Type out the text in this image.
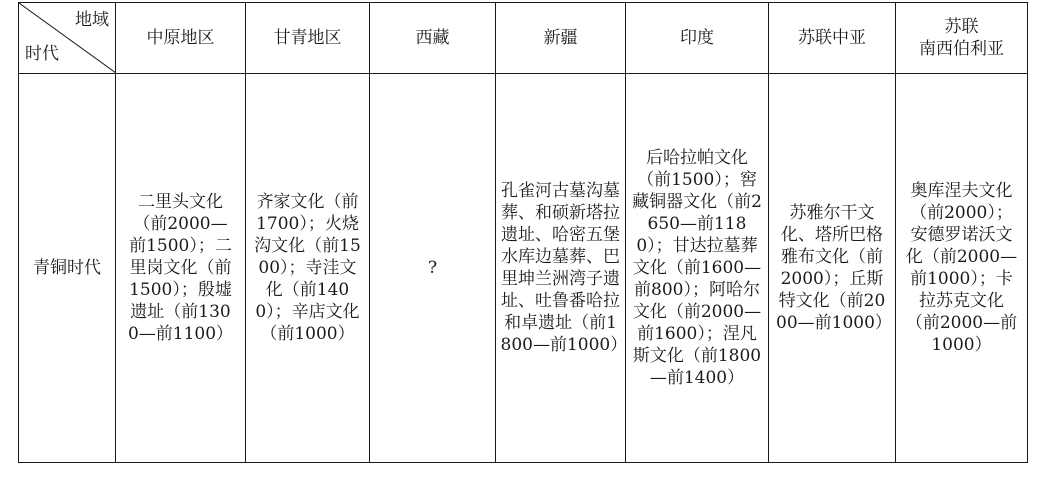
地域
时代	中原地区	甘青地区	西藏	新疆	印度	苏联中亚	苏联
南西伯利亚
青铜时代	二里头文化（前2000—前1500）；二里岗文化（前1500）；殷墟遗址（前1300—前1100）	齐家文化（前1700）；火烧沟文化（前1500）；寺洼文化（前1400）；辛店文化（前1000）	?	孔雀河古墓沟墓葬、和硕新塔拉遗址、哈密五堡水库边墓葬、巴里坤兰洲湾子遗址、吐鲁番哈拉和卓遗址（前1800—前1000）	后哈拉帕文化（前1500）；窖藏铜器文化（前2650—前1180）；甘达拉墓葬文化（前1600—前800）；阿哈尔文化（前2000—前1600）；涅凡斯文化（前1800—前1400）	苏雅尔干文化、塔所巴格雅布文化（前2000）；丘斯特文化（前2000—前1000）	奥库涅夫文化（前2000）；安德罗诺沃文化（前2000—前1000）；卡拉苏克文化（前2000—前1000）
